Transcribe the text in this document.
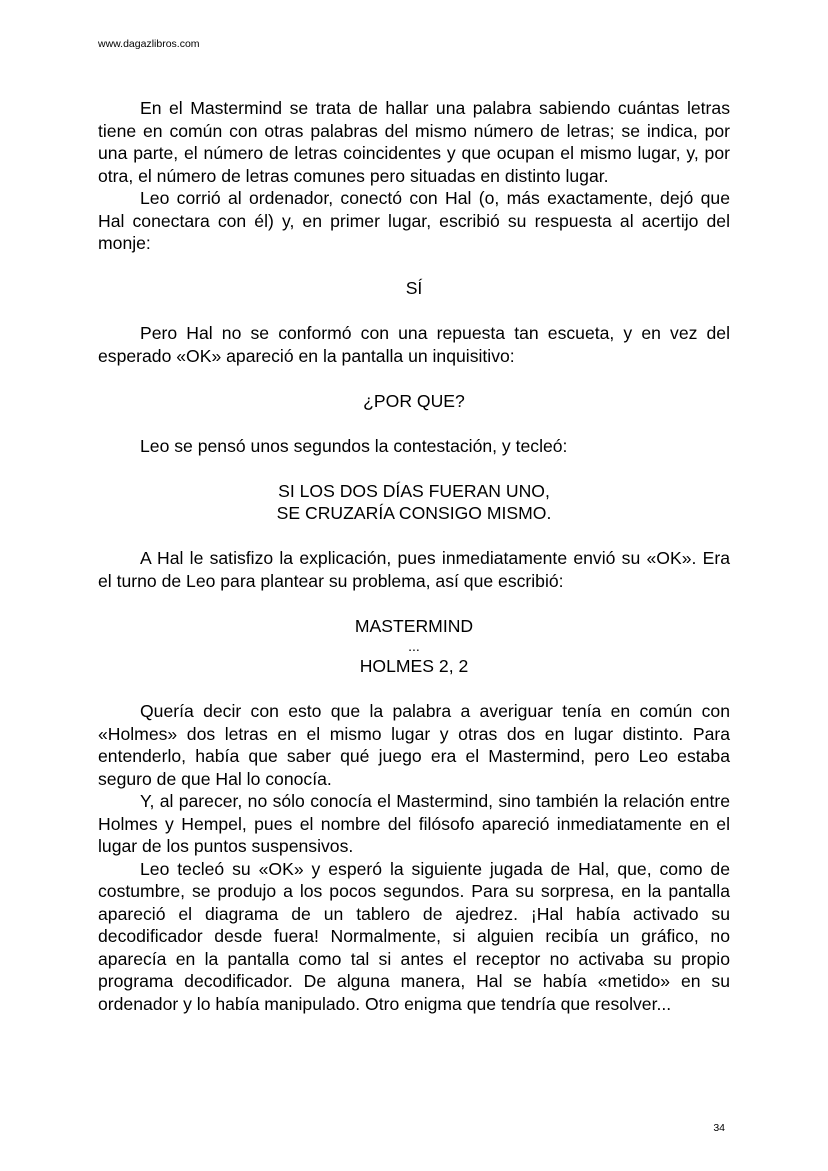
www.dagazlibros.com

En el Mastermind se trata de hallar una palabra sabiendo cuántas letras tiene en común con otras palabras del mismo número de letras; se indica, por una parte, el número de letras coincidentes y que ocupan el mismo lugar, y, por otra, el número de letras comunes pero situadas en distinto lugar.

Leo corrió al ordenador, conectó con Hal (o, más exactamente, dejó que Hal conectara con él) y, en primer lugar, escribió su respuesta al acertijo del monje:

SÍ

Pero Hal no se conformó con una repuesta tan escueta, y en vez del esperado «OK» apareció en la pantalla un inquisitivo:

¿POR QUE?

Leo se pensó unos segundos la contestación, y tecleó:

SI LOS DOS DÍAS FUERAN UNO,

SE CRUZARÍA CONSIGO MISMO.

A Hal le satisfizo la explicación, pues inmediatamente envió su «OK». Era el turno de Leo para plantear su problema, así que escribió:

MASTERMIND

...

HOLMES 2, 2

Quería decir con esto que la palabra a averiguar tenía en común con «Holmes» dos letras en el mismo lugar y otras dos en lugar distinto. Para entenderlo, había que saber qué juego era el Mastermind, pero Leo estaba seguro de que Hal lo conocía.

Y, al parecer, no sólo conocía el Mastermind, sino también la relación entre Holmes y Hempel, pues el nombre del filósofo apareció inmediatamente en el lugar de los puntos suspensivos.

Leo tecleó su «OK» y esperó la siguiente jugada de Hal, que, como de costumbre, se produjo a los pocos segundos. Para su sorpresa, en la pantalla apareció el diagrama de un tablero de ajedrez. ¡Hal había activado su decodificador desde fuera! Normalmente, si alguien recibía un gráfico, no aparecía en la pantalla como tal si antes el receptor no activaba su propio programa decodificador. De alguna manera, Hal se había «metido» en su ordenador y lo había manipulado. Otro enigma que tendría que resolver...

34
